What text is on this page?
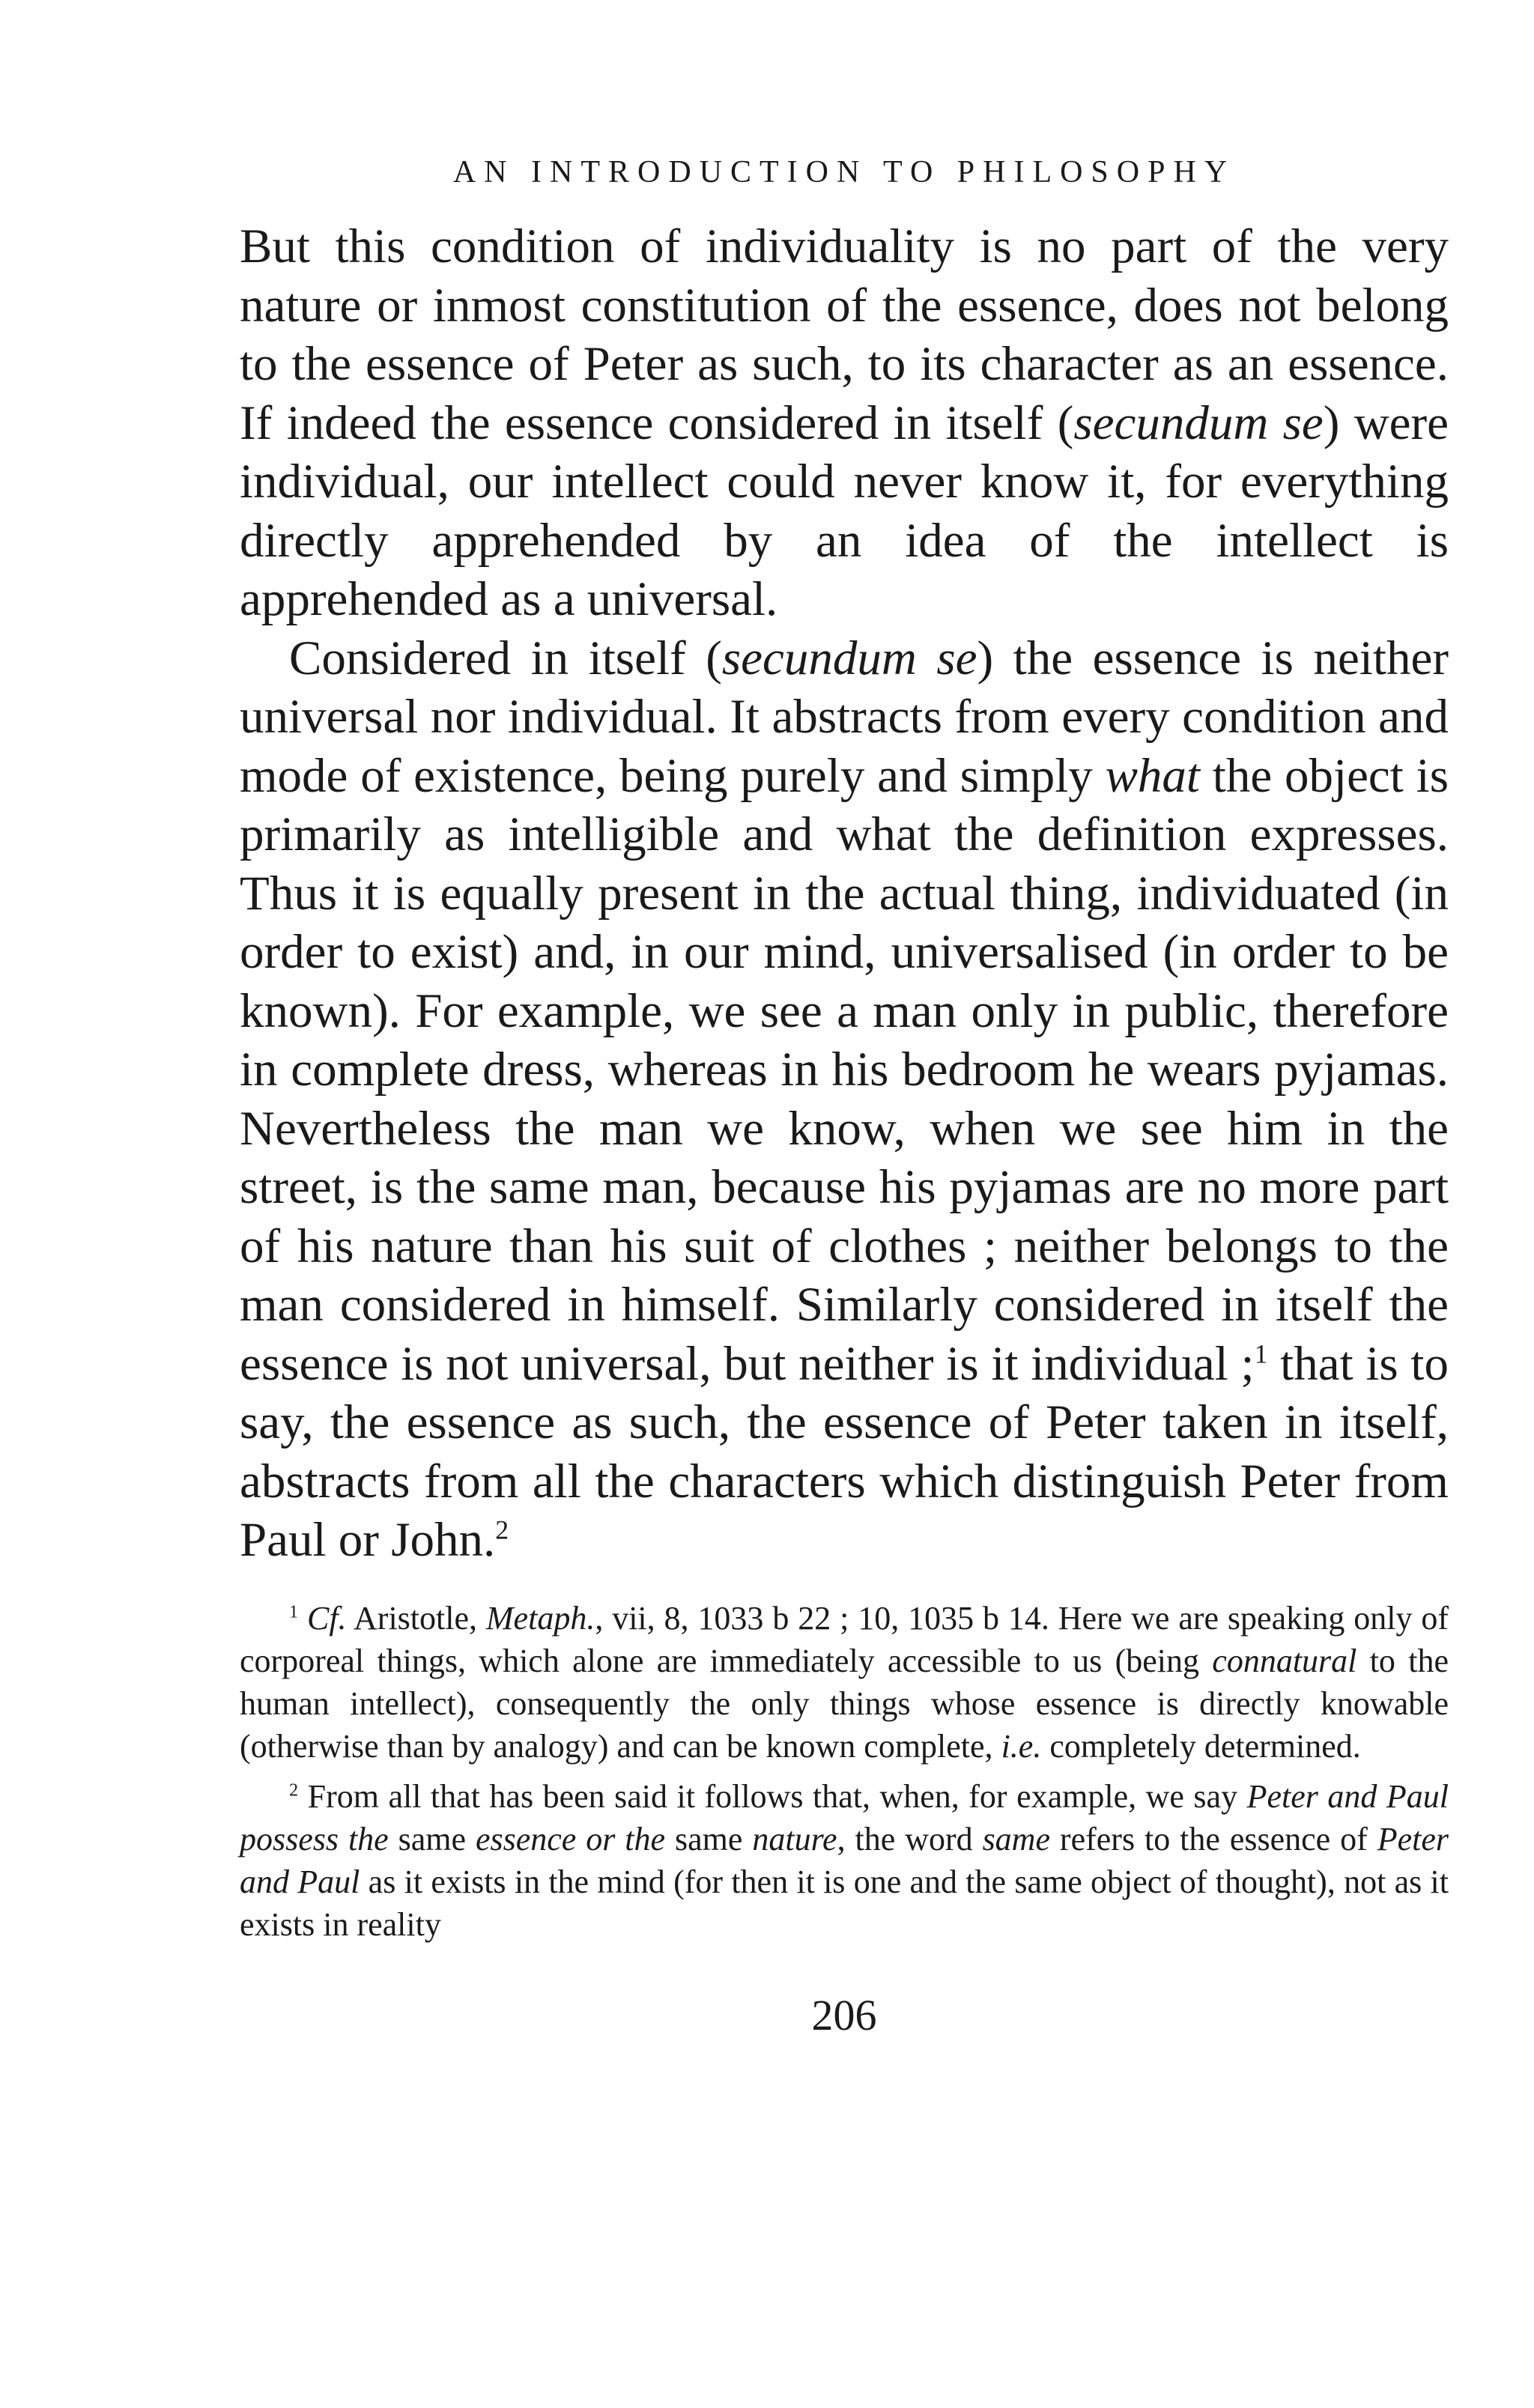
AN INTRODUCTION TO PHILOSOPHY

But this condition of individuality is no part of the very nature or inmost constitution of the essence, does not belong to the essence of Peter as such, to its character as an essence. If indeed the essence considered in itself (secundum se) were individual, our intellect could never know it, for everything directly apprehended by an idea of the intellect is apprehended as a universal.

Considered in itself (secundum se) the essence is neither universal nor individual. It abstracts from every condition and mode of existence, being purely and simply what the object is primarily as intelligible and what the definition expresses. Thus it is equally present in the actual thing, individuated (in order to exist) and, in our mind, universalised (in order to be known). For example, we see a man only in public, therefore in complete dress, whereas in his bedroom he wears pyjamas. Nevertheless the man we know, when we see him in the street, is the same man, because his pyjamas are no more part of his nature than his suit of clothes ; neither belongs to the man considered in himself. Similarly considered in itself the essence is not universal, but neither is it individual ;$^1$ that is to say, the essence as such, the essence of Peter taken in itself, abstracts from all the characters which distinguish Peter from Paul or John.$^2$

$^1$ Cf. Aristotle, Metaph., vii, 8, 1033 b 22 ; 10, 1035 b 14. Here we are speaking only of corporeal things, which alone are immediately accessible to us (being connatural to the human intellect), consequently the only things whose essence is directly knowable (otherwise than by analogy) and can be known complete, i.e. completely determined.

$^2$ From all that has been said it follows that, when, for example, we say Peter and Paul possess the same essence or the same nature, the word same refers to the essence of Peter and Paul as it exists in the mind (for then it is one and the same object of thought), not as it exists in reality

206
